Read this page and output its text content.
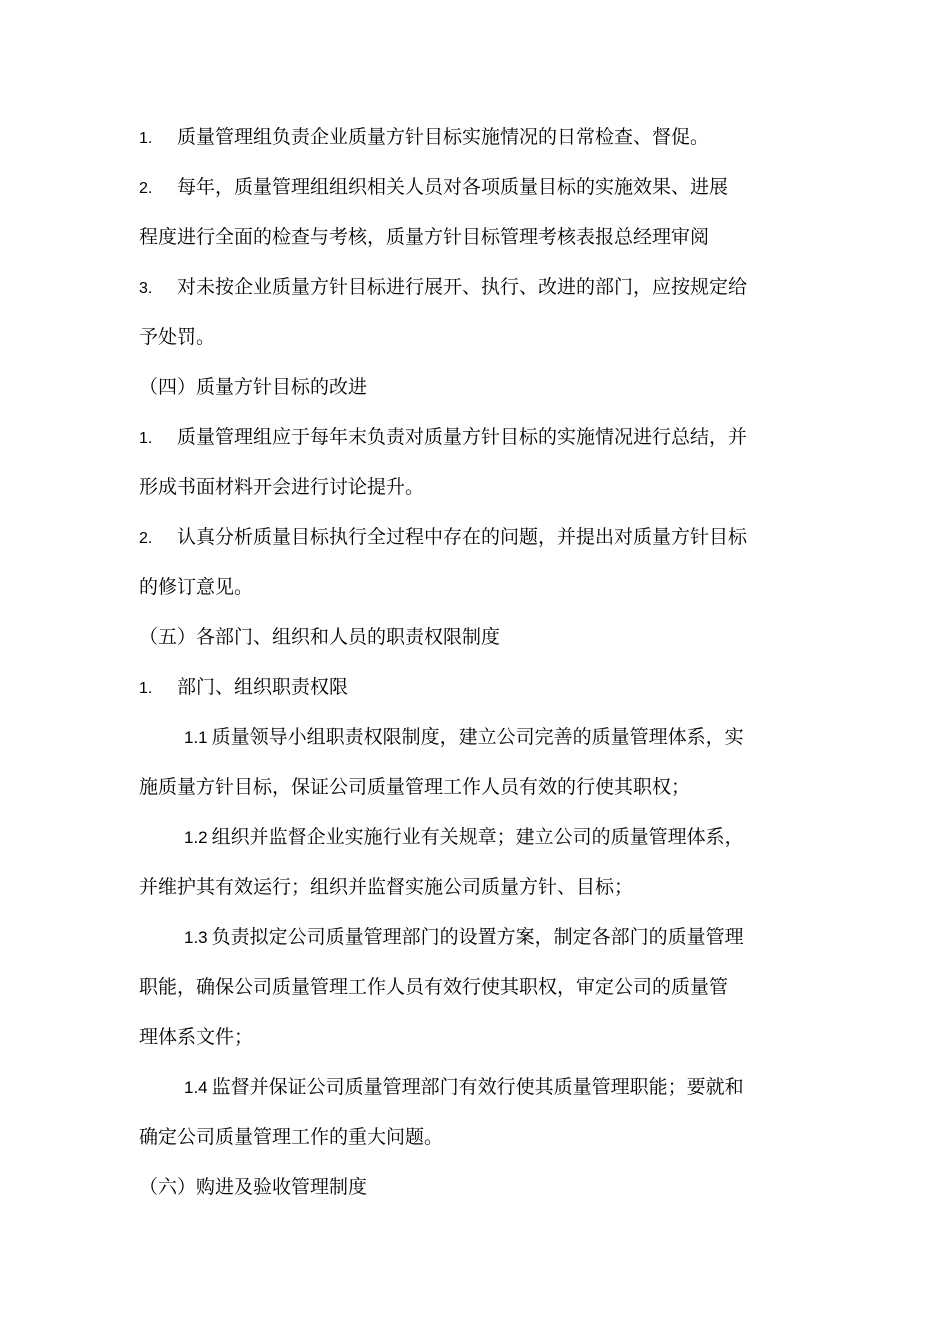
1. 质量管理组负责企业质量方针目标实施情况的日常检查、督促。
2. 每年，质量管理组组织相关人员对各项质量目标的实施效果、进展
程度进行全面的检查与考核，质量方针目标管理考核表报总经理审阅
3. 对未按企业质量方针目标进行展开、执行、改进的部门，应按规定给
予处罚。
（四）质量方针目标的改进
1. 质量管理组应于每年末负责对质量方针目标的实施情况进行总结，并
形成书面材料开会进行讨论提升。
2. 认真分析质量目标执行全过程中存在的问题，并提出对质量方针目标
的修订意见。
（五）各部门、组织和人员的职责权限制度
1. 部门、组织职责权限
1.1 质量领导小组职责权限制度，建立公司完善的质量管理体系，实
施质量方针目标，保证公司质量管理工作人员有效的行使其职权；
1.2 组织并监督企业实施行业有关规章；建立公司的质量管理体系，
并维护其有效运行；组织并监督实施公司质量方针、目标；
1.3 负责拟定公司质量管理部门的设置方案，制定各部门的质量管理
职能，确保公司质量管理工作人员有效行使其职权，审定公司的质量管
理体系文件；
1.4 监督并保证公司质量管理部门有效行使其质量管理职能；要就和
确定公司质量管理工作的重大问题。
（六）购进及验收管理制度
